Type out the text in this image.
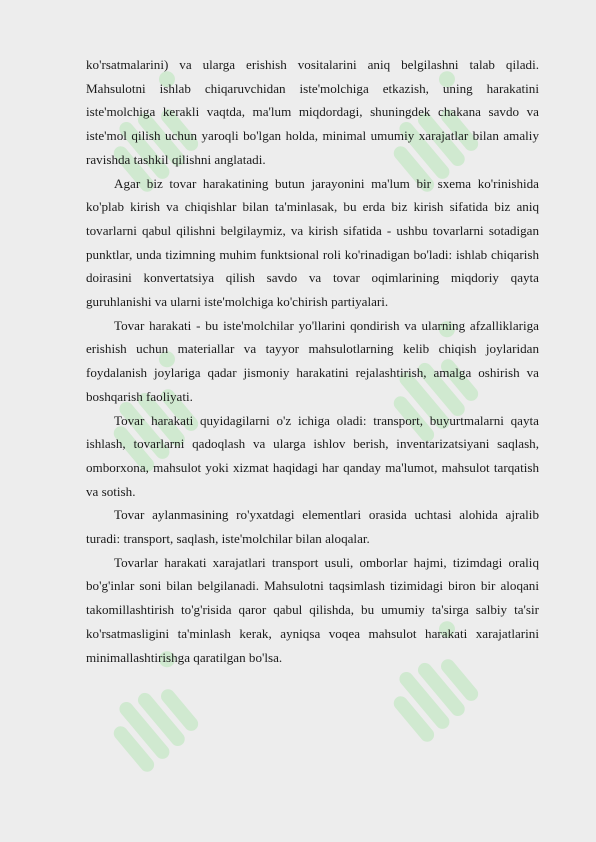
ko'rsatmalarini) va ularga erishish vositalarini aniq belgilashni talab qiladi. Mahsulotni ishlab chiqaruvchidan iste'molchiga etkazish, uning harakatini iste'molchiga kerakli vaqtda, ma'lum miqdordagi, shuningdek chakana savdo va iste'mol qilish uchun yaroqli bo'lgan holda, minimal umumiy xarajatlar bilan amaliy ravishda tashkil qilishni anglatadi.

Agar biz tovar harakatining butun jarayonini ma'lum bir sxema ko'rinishida ko'plab kirish va chiqishlar bilan ta'minlasak, bu erda biz kirish sifatida biz aniq tovarlarni qabul qilishni belgilaymiz, va kirish sifatida - ushbu tovarlarni sotadigan punktlar, unda tizimning muhim funktsional roli ko'rinadigan bo'ladi: ishlab chiqarish doirasini konvertatsiya qilish savdo va tovar oqimlarining miqdoriy qayta guruhlanishi va ularni iste'molchiga ko'chirish partiyalari.

Tovar harakati - bu iste'molchilar yo'llarini qondirish va ularning afzalliklariga erishish uchun materiallar va tayyor mahsulotlarning kelib chiqish joylaridan foydalanish joylariga qadar jismoniy harakatini rejalashtirish, amalga oshirish va boshqarish faoliyati.

Tovar harakati quyidagilarni o'z ichiga oladi: transport, buyurtmalarni qayta ishlash, tovarlarni qadoqlash va ularga ishlov berish, inventarizatsiyani saqlash, omborxona, mahsulot yoki xizmat haqidagi har qanday ma'lumot, mahsulot tarqatish va sotish.

Tovar aylanmasining ro'yxatdagi elementlari orasida uchtasi alohida ajralib turadi: transport, saqlash, iste'molchilar bilan aloqalar.

Tovarlar harakati xarajatlari transport usuli, omborlar hajmi, tizimdagi oraliq bo'g'inlar soni bilan belgilanadi. Mahsulotni taqsimlash tizimidagi biron bir aloqani takomillashtirish to'g'risida qaror qabul qilishda, bu umumiy ta'sirga salbiy ta'sir ko'rsatmasligini ta'minlash kerak, ayniqsa voqea mahsulot harakati xarajatlarini minimallashtirishga qaratilgan bo'lsa.
